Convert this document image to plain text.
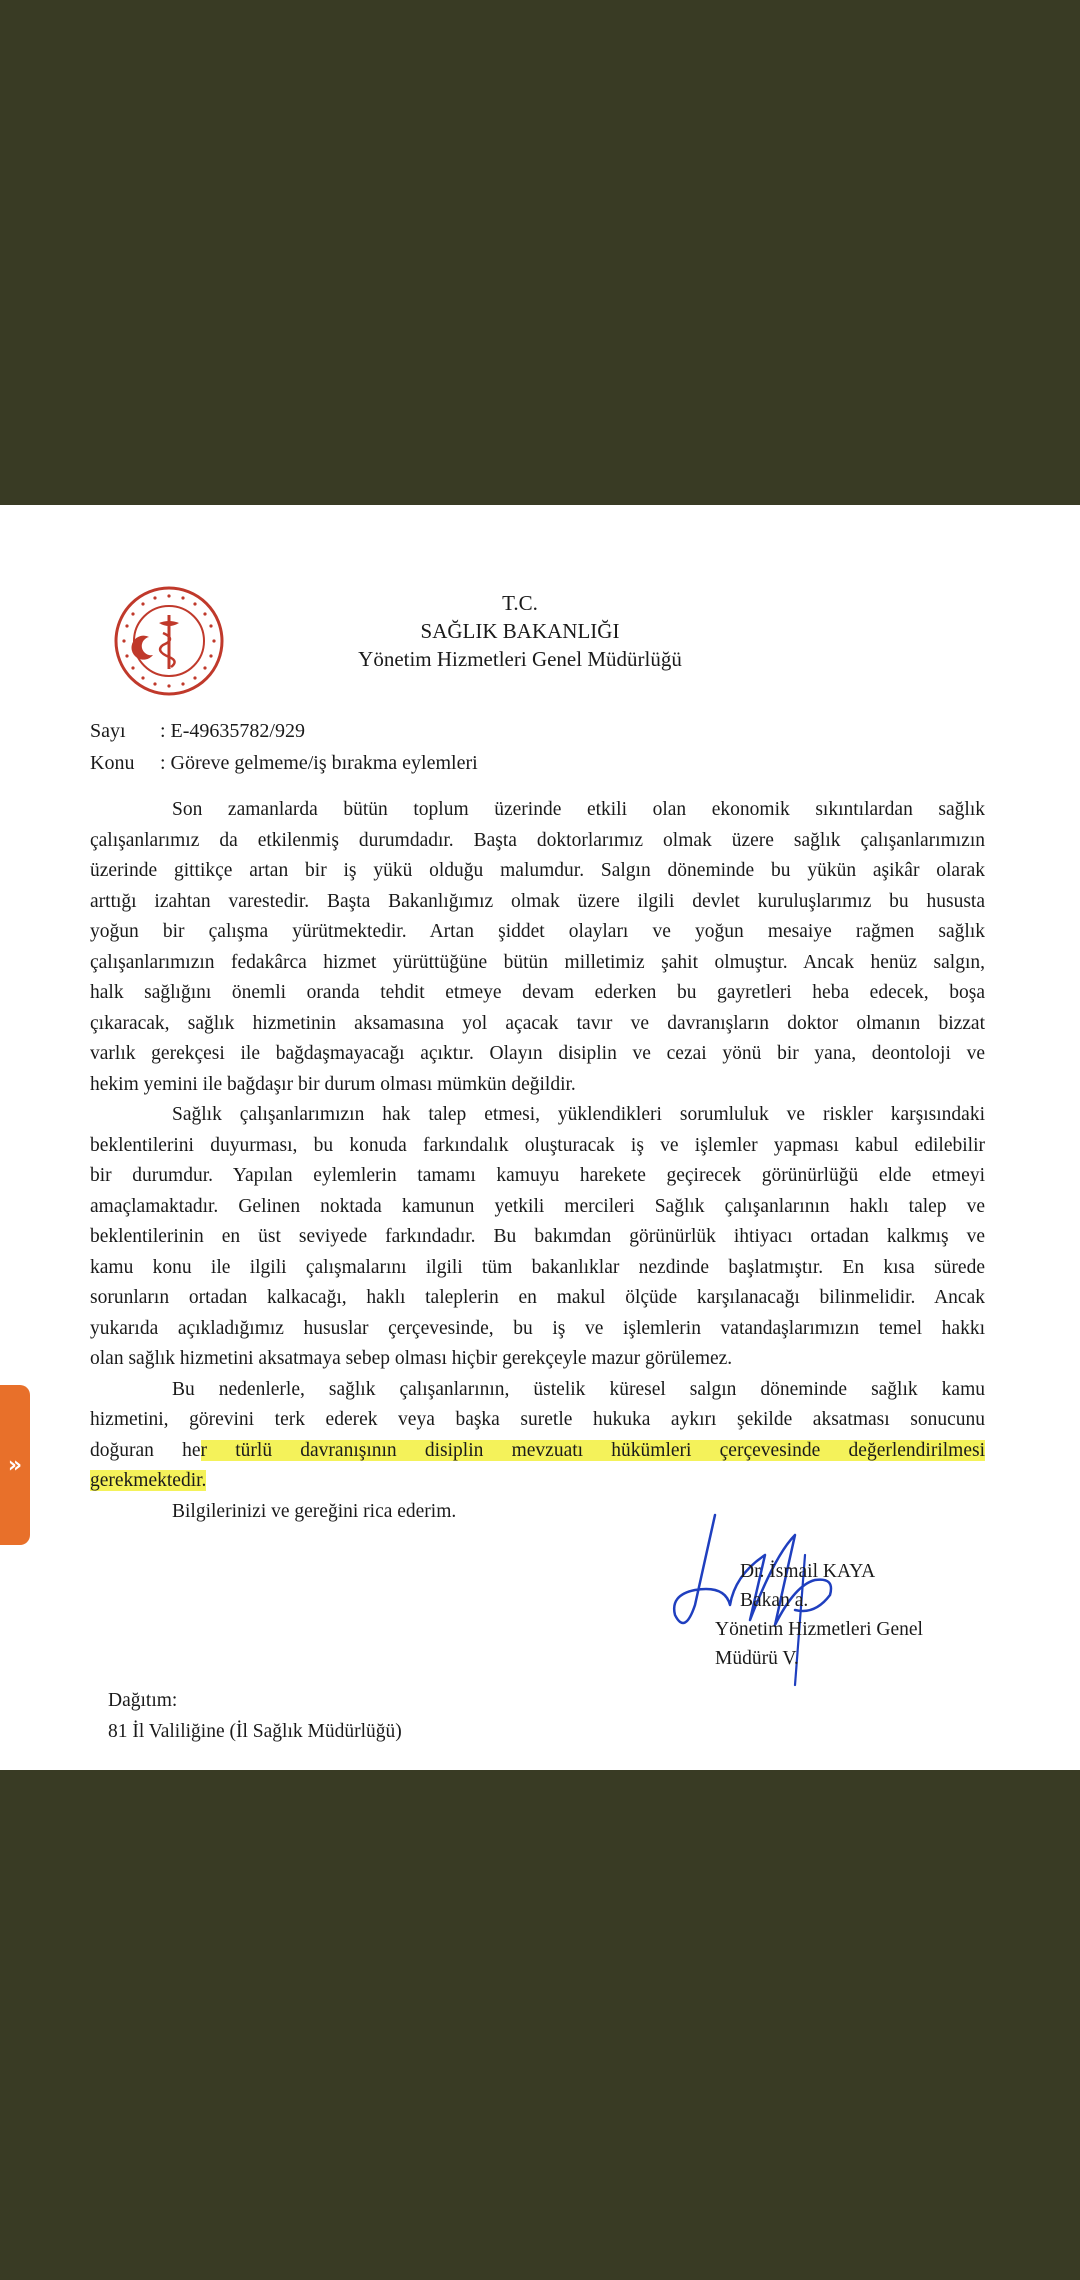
T.C.
SAĞLIK BAKANLIĞI
Yönetim Hizmetleri Genel Müdürlüğü
Sayı	: E-49635782/929
Konu	: Göreve gelmeme/iş bırakma eylemleri
Son zamanlarda bütün toplum üzerinde etkili olan ekonomik sıkıntılardan sağlık
çalışanlarımız da etkilenmiş durumdadır. Başta doktorlarımız olmak üzere sağlık çalışanlarımızın
üzerinde gittikçe artan bir iş yükü olduğu malumdur. Salgın döneminde bu yükün aşikâr olarak
arttığı izahtan varestedir. Başta Bakanlığımız olmak üzere ilgili devlet kuruluşlarımız bu hususta
yoğun bir çalışma yürütmektedir. Artan şiddet olayları ve yoğun mesaiye rağmen sağlık
çalışanlarımızın fedakârca hizmet yürüttüğüne bütün milletimiz şahit olmuştur. Ancak henüz salgın,
halk sağlığını önemli oranda tehdit etmeye devam ederken bu gayretleri heba edecek, boşa
çıkaracak, sağlık hizmetinin aksamasına yol açacak tavır ve davranışların doktor olmanın bizzat
varlık gerekçesi ile bağdaşmayacağı açıktır. Olayın disiplin ve cezai yönü bir yana, deontoloji ve
hekim yemini ile bağdaşır bir durum olması mümkün değildir.
Sağlık çalışanlarımızın hak talep etmesi, yüklendikleri sorumluluk ve riskler karşısındaki
beklentilerini duyurması, bu konuda farkındalık oluşturacak iş ve işlemler yapması kabul edilebilir
bir durumdur. Yapılan eylemlerin tamamı kamuyu harekete geçirecek görünürlüğü elde etmeyi
amaçlamaktadır. Gelinen noktada kamunun yetkili mercileri Sağlık çalışanlarının haklı talep ve
beklentilerinin en üst seviyede farkındadır. Bu bakımdan görünürlük ihtiyacı ortadan kalkmış ve
kamu konu ile ilgili çalışmalarını ilgili tüm bakanlıklar nezdinde başlatmıştır. En kısa sürede
sorunların ortadan kalkacağı, haklı taleplerin en makul ölçüde karşılanacağı bilinmelidir. Ancak
yukarıda açıkladığımız hususlar çerçevesinde, bu iş ve işlemlerin vatandaşlarımızın temel hakkı
olan sağlık hizmetini aksatmaya sebep olması hiçbir gerekçeyle mazur görülemez.
Bu nedenlerle, sağlık çalışanlarının, üstelik küresel salgın döneminde sağlık kamu
hizmetini, görevini terk ederek veya başka suretle hukuka aykırı şekilde aksatması sonucunu
doğuran her türlü davranışının disiplin mevzuatı hükümleri çerçevesinde değerlendirilmesi
gerekmektedir.
Bilgilerinizi ve gereğini rica ederim.
Dr. İsmail KAYA
Bakan a.
Yönetim Hizmetleri Genel Müdürü V.
Dağıtım:
81 İl Valiliğine (İl Sağlık Müdürlüğü)
»
